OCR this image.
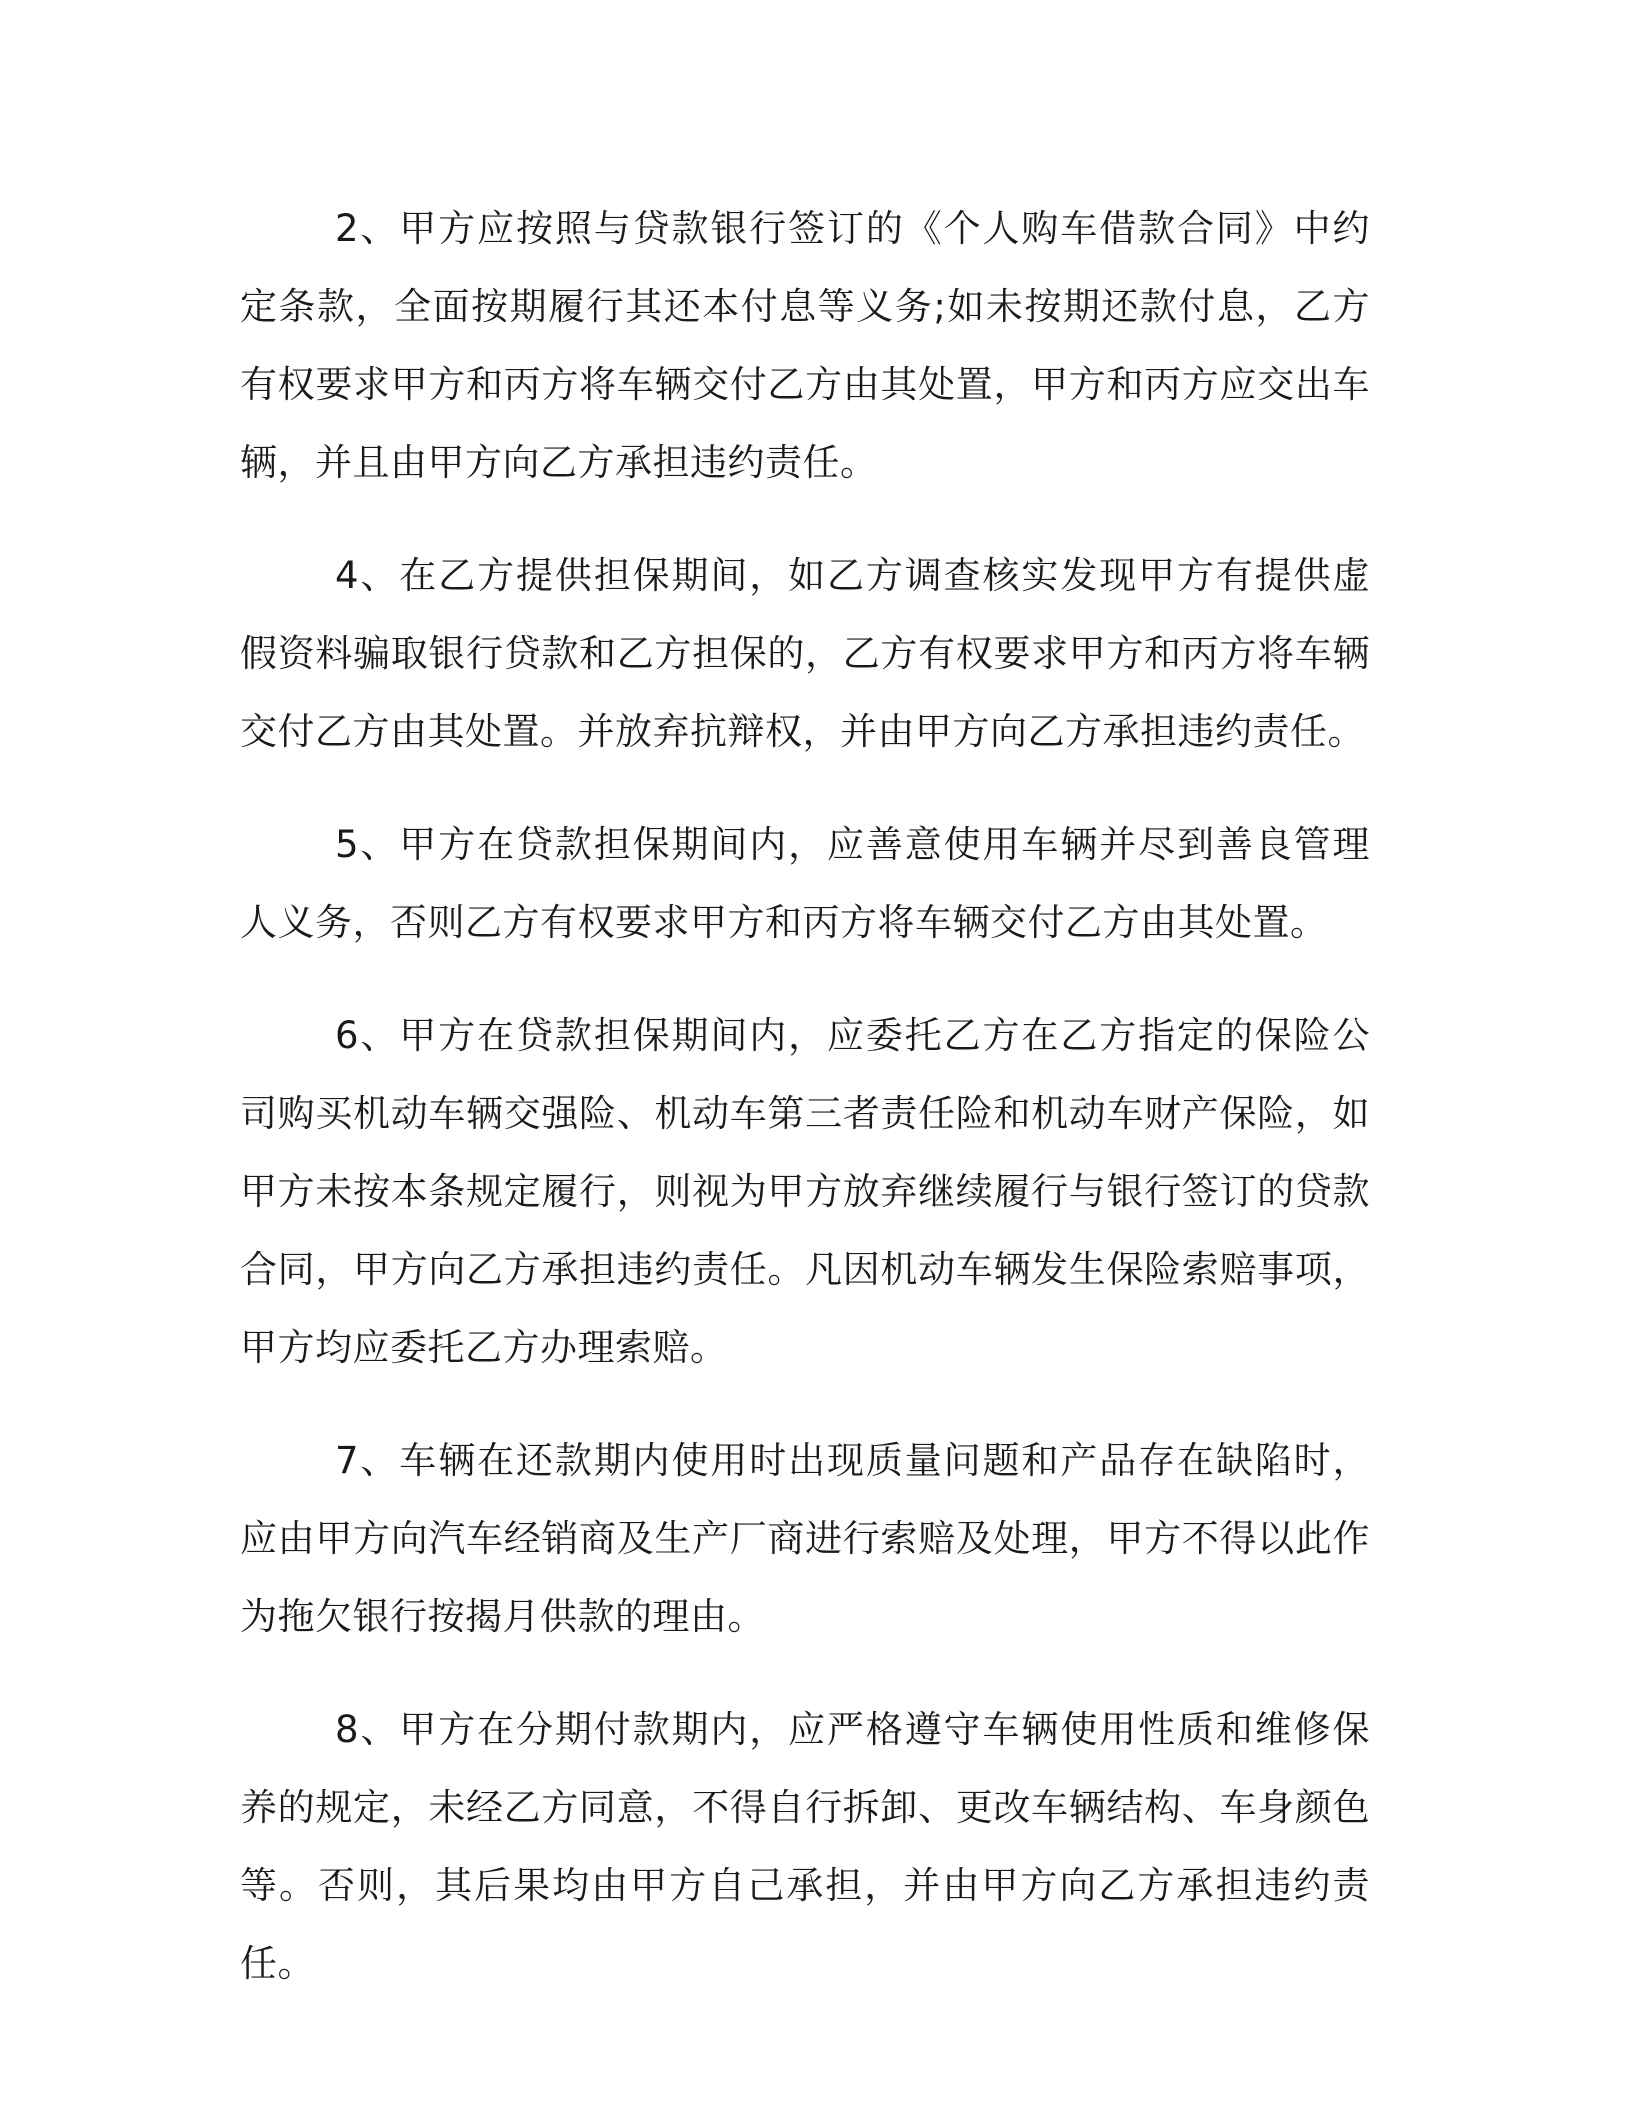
2、甲方应按照与贷款银行签订的《个人购车借款合同》中约定条款，全面按期履行其还本付息等义务;如未按期还款付息，乙方有权要求甲方和丙方将车辆交付乙方由其处置，甲方和丙方应交出车辆，并且由甲方向乙方承担违约责任。

4、在乙方提供担保期间，如乙方调查核实发现甲方有提供虚假资料骗取银行贷款和乙方担保的，乙方有权要求甲方和丙方将车辆交付乙方由其处置。并放弃抗辩权，并由甲方向乙方承担违约责任。

5、甲方在贷款担保期间内，应善意使用车辆并尽到善良管理人义务，否则乙方有权要求甲方和丙方将车辆交付乙方由其处置。

6、甲方在贷款担保期间内，应委托乙方在乙方指定的保险公司购买机动车辆交强险、机动车第三者责任险和机动车财产保险，如甲方未按本条规定履行，则视为甲方放弃继续履行与银行签订的贷款合同，甲方向乙方承担违约责任。凡因机动车辆发生保险索赔事项，甲方均应委托乙方办理索赔。

7、车辆在还款期内使用时出现质量问题和产品存在缺陷时，应由甲方向汽车经销商及生产厂商进行索赔及处理，甲方不得以此作为拖欠银行按揭月供款的理由。

8、甲方在分期付款期内，应严格遵守车辆使用性质和维修保养的规定，未经乙方同意，不得自行拆卸、更改车辆结构、车身颜色等。否则，其后果均由甲方自己承担，并由甲方向乙方承担违约责任。
